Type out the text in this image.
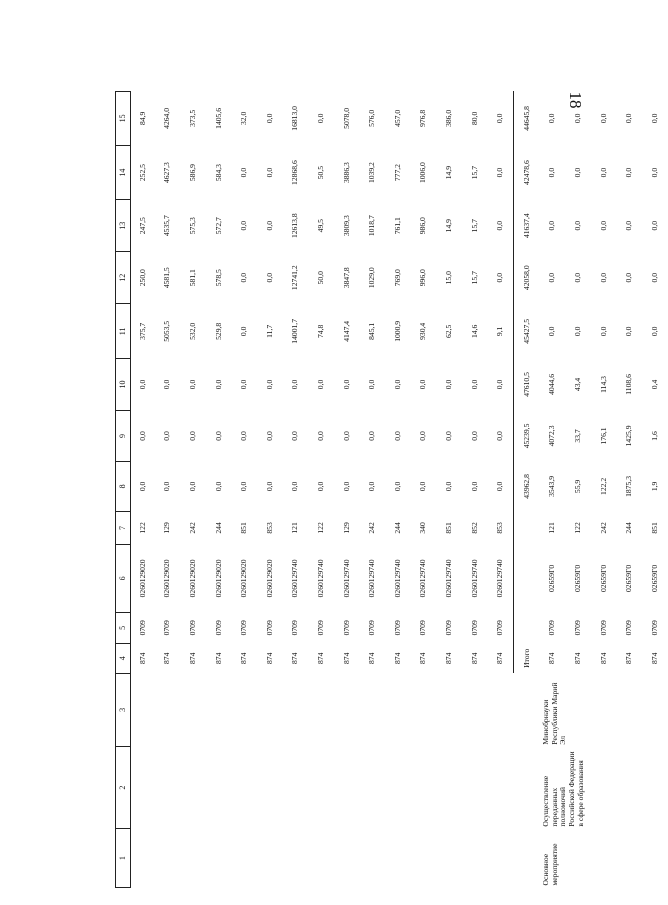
18
1	2	3	4	5	6	7	8	9	10	11	12	13	14	15
			874	0709	0260129020	122	0,0	0,0	0,0	375,7	250,0	247,5	252,5	84,9
			874	0709	0260129020	129	0,0	0,0	0,0	5053,5	4581,5	4535,7	4627,3	4264,0
			874	0709	0260129020	242	0,0	0,0	0,0	532,0	581,1	575,3	586,9	373,5
			874	0709	0260129020	244	0,0	0,0	0,0	529,8	578,5	572,7	584,3	1405,6
			874	0709	0260129020	851	0,0	0,0	0,0	0,0	0,0	0,0	0,0	32,0
			874	0709	0260129020	853	0,0	0,0	0,0	11,7	0,0	0,0	0,0	0,0
			874	0709	0260129740	121	0,0	0,0	0,0	14001,7	12741,2	12613,8	12868,6	16813,0
			874	0709	0260129740	122	0,0	0,0	0,0	74,8	50,0	49,5	50,5	0,0
			874	0709	0260129740	129	0,0	0,0	0,0	4147,4	3847,8	3809,3	3886,3	5078,0
			874	0709	0260129740	242	0,0	0,0	0,0	845,1	1029,0	1018,7	1039,2	576,0
			874	0709	0260129740	244	0,0	0,0	0,0	1000,9	769,0	761,1	777,2	457,0
			874	0709	0260129740	340	0,0	0,0	0,0	930,4	996,0	986,0	1006,0	976,8
			874	0709	0260129740	851	0,0	0,0	0,0	62,5	15,0	14,9	14,9	386,0
			874	0709	0260129740	852	0,0	0,0	0,0	14,6	15,7	15,7	15,7	80,0
			874	0709	0260129740	853	0,0	0,0	0,0	9,1	0,0	0,0	0,0	0,0
			Итого				43962,8	45239,5	47610,5	45427,5	42058,0	41637,4	42478,6	44645,8
Основное мероприятие	Осуществление переданных полномочий Российской Федерации в сфере образования	Минобрнауки Республики Марий Эл	874	0709	02659Г0	121	3543,9	4072,3	4044,6	0,0	0,0	0,0	0,0	0,0
			874	0709	02659Г0	122	55,9	33,7	43,4	0,0	0,0	0,0	0,0	0,0
			874	0709	02659Г0	242	122,2	176,1	114,3	0,0	0,0	0,0	0,0	0,0
			874	0709	02659Г0	244	1875,3	1425,9	1108,6	0,0	0,0	0,0	0,0	0,0
			874	0709	02659Г0	851	1,9	1,6	0,4	0,0	0,0	0,0	0,0	0,0
